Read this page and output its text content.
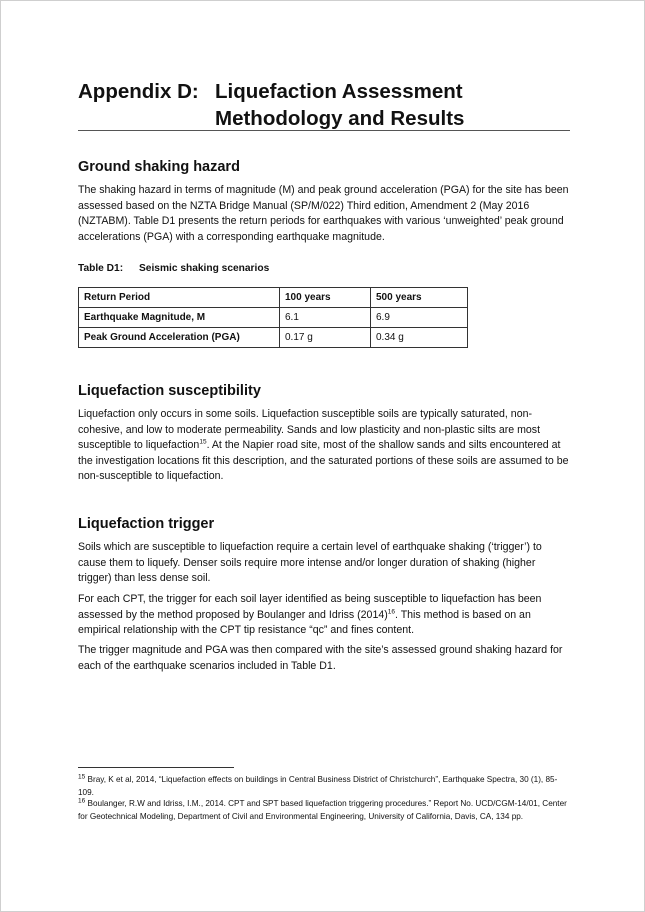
Appendix D: Liquefaction Assessment Methodology and Results
Ground shaking hazard

The shaking hazard in terms of magnitude (M) and peak ground acceleration (PGA) for the site has been assessed based on the NZTA Bridge Manual (SP/M/022) Third edition, Amendment 2 (May 2016 (NZTABM). Table D1 presents the return periods for earthquakes with various ‘unweighted’ peak ground accelerations (PGA) with a corresponding earthquake magnitude.

Table D1: Seismic shaking scenarios
Return Period	100 years	500 years
Earthquake Magnitude, M	6.1	6.9
Peak Ground Acceleration (PGA)	0.17 g	0.34 g
Liquefaction susceptibility

Liquefaction only occurs in some soils. Liquefaction susceptible soils are typically saturated, non-cohesive, and low to moderate permeability. Sands and low plasticity and non-plastic silts are most susceptible to liquefaction$^{15}$. At the Napier road site, most of the shallow sands and silts encountered at the investigation locations fit this description, and the saturated portions of these soils are assumed to be non-susceptible to liquefaction.

Liquefaction trigger

Soils which are susceptible to liquefaction require a certain level of earthquake shaking (‘trigger’) to cause them to liquefy. Denser soils require more intense and/or longer duration of shaking (higher trigger) than less dense soil.

For each CPT, the trigger for each soil layer identified as being susceptible to liquefaction has been assessed by the method proposed by Boulanger and Idriss $(2014)^{16}$. This method is based on an empirical relationship with the CPT tip resistance “qc” and fines content.

The trigger magnitude and PGA was then compared with the site’s assessed ground shaking hazard for each of the earthquake scenarios included in Table D1.

$^{15}$ Bray, K et al, 2014, “Liquefaction effects on buildings in Central Business District of Christchurch”, Earthquake Spectra, 30 (1), 85-109.

$^{16}$ Boulanger, R.W and Idriss, I.M., 2014. CPT and SPT based liquefaction triggering procedures.” Report No. UCD/CGM-14/01, Center for Geotechnical Modeling, Department of Civil and Environmental Engineering, University of California, Davis, CA, 134 pp.
